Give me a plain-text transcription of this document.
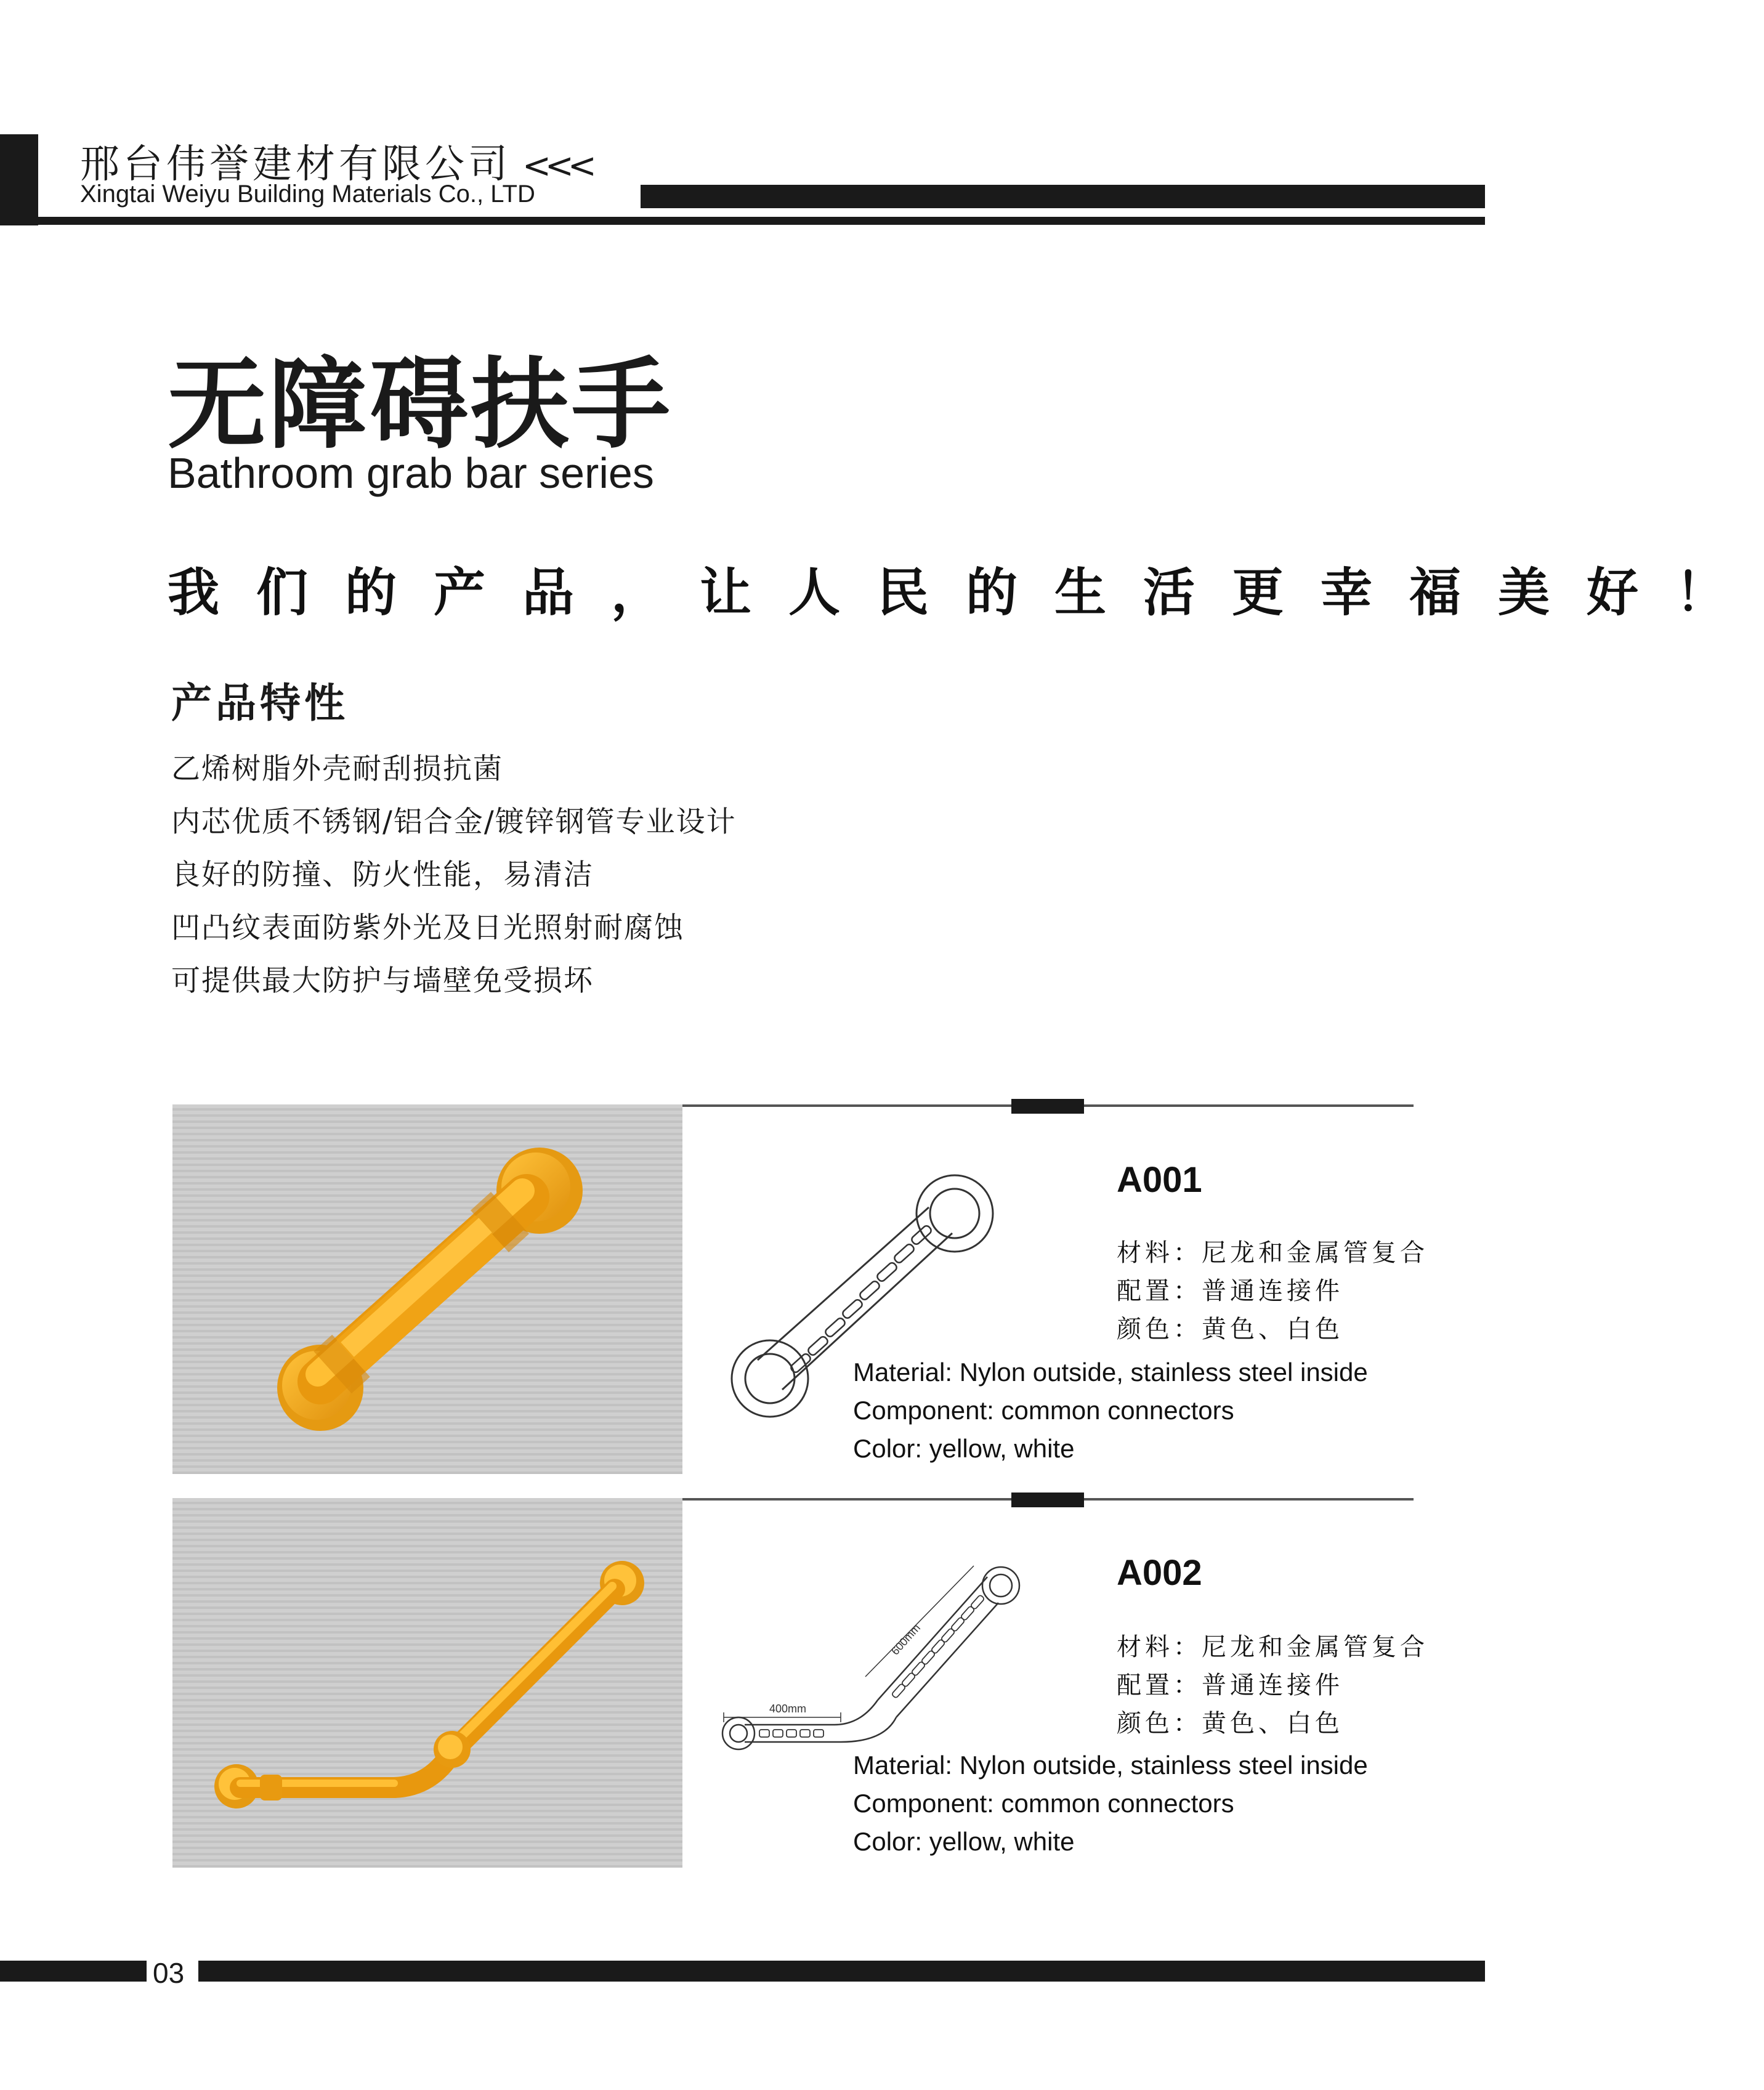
邢台伟誉建材有限公司 <<<
Xingtai Weiyu Building Materials Co., LTD
无障碍扶手
Bathroom grab bar series
我们的产品，让人民的生活更幸福美好！
产品特性
乙烯树脂外壳耐刮损抗菌
内芯优质不锈钢/铝合金/镀锌钢管专业设计
良好的防撞、防火性能，易清洁
凹凸纹表面防紫外光及日光照射耐腐蚀
可提供最大防护与墙壁免受损坏
A001
材料：尼龙和金属管复合
配置：普通连接件
颜色：黄色、白色
Material: Nylon outside, stainless steel inside
Component: common connectors
Color: yellow, white
400mm
600mm
A002
材料：尼龙和金属管复合
配置：普通连接件
颜色：黄色、白色
Material: Nylon outside, stainless steel inside
Component: common connectors
Color: yellow, white
03
